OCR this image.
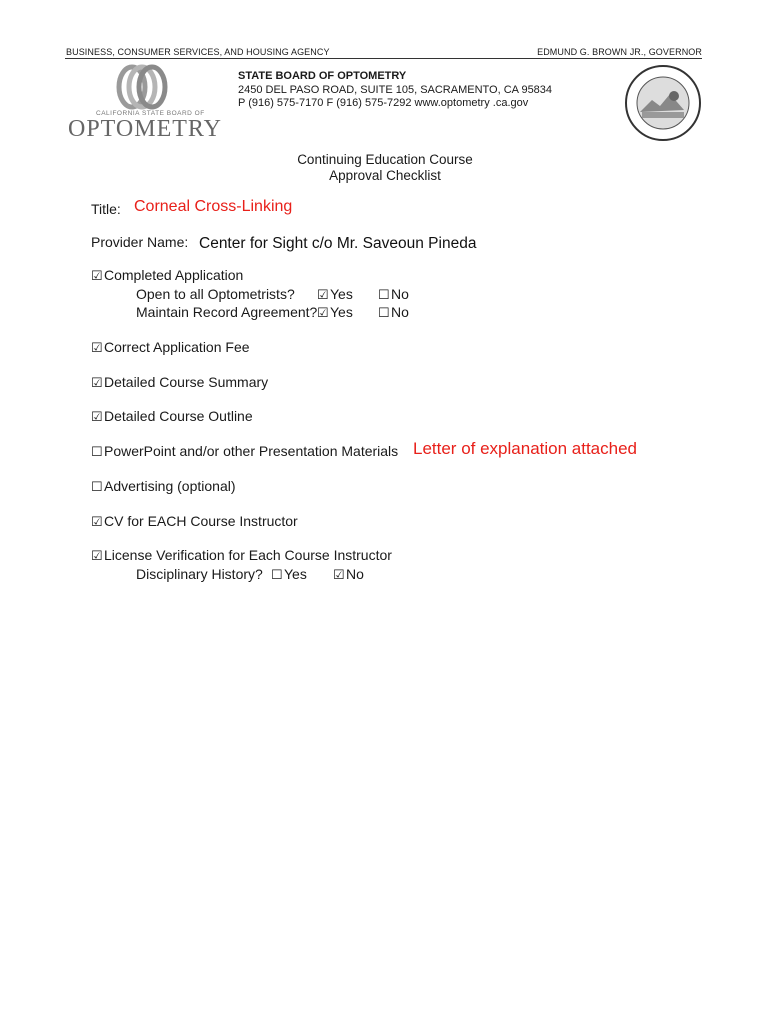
BUSINESS, CONSUMER SERVICES, AND HOUSING AGENCY	EDMUND G. BROWN JR., GOVERNOR
CALIFORNIA STATE BOARD OF
OPTOMETRY
STATE BOARD OF OPTOMETRY
2450 DEL PASO ROAD, SUITE 105, SACRAMENTO, CA 95834
P (916) 575-7170 F (916) 575-7292 www.optometry .ca.gov
Continuing Education Course
Approval Checklist
Title: Corneal Cross-Linking
Provider Name: Center for Sight c/o Mr. Saveoun Pineda
☑Completed Application
Open to all Optometrists? ☑Yes ☐No
Maintain Record Agreement? ☑Yes ☐No
☑Correct Application Fee
☑Detailed Course Summary
☑Detailed Course Outline
☐PowerPoint and/or other Presentation Materials Letter of explanation attached
☐Advertising (optional)
☑CV for EACH Course Instructor
☑License Verification for Each Course Instructor
Disciplinary History? ☐Yes ☑No
